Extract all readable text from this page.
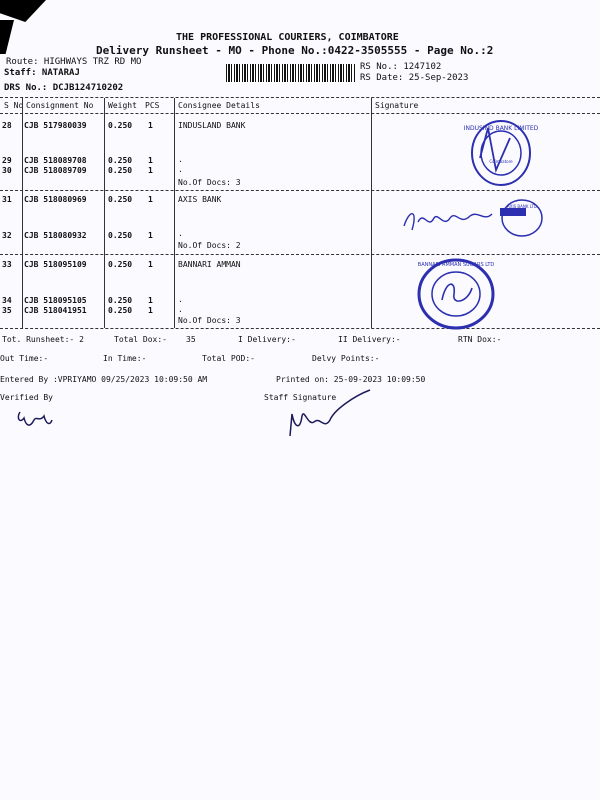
THE PROFESSIONAL COURIERS, COIMBATORE
Delivery Runsheet - MO - Phone No.:0422-3505555 - Page No.:2
Route: HIGHWAYS TRZ RD MO
Staff: NATARAJ
DRS No.: DCJB124710202
RS No.: 1247102
RS Date: 25-Sep-2023
S No Consignment No Weight PCS Consignee Details	Signature
28 CJB 517980039	0.250 1	INDUSLAND BANK
29 CJB 518089708	0.250 1	.
30 CJB 518089709	0.250 1	.
No.Of Docs: 3
31 CJB 518080969	0.250 1	AXIS BANK
32 CJB 518080932	0.250 1	.
No.Of Docs: 2
33 CJB 518095109	0.250 1	BANNARI AMMAN
34 CJB 518095105	0.250 1	.
35 CJB 518041951	0.250 1	.
No.Of Docs: 3
INDUSIND BANK LIMITED
Coimbatore
AXIS BANK LTD
BANNARI AMMAN SUGARS LTD
Tot. Runsheet:- 2	Total Dox:- 35	I Delivery:-	II Delivery:-	RTN Dox:-
Out Time:-	In Time:-	Total POD:-	Delvy Points:-
Entered By :VPRIYAMO 09/25/2023 10:09:50 AM	Printed on: 25-09-2023 10:09:50
Verified By	Staff Signature
